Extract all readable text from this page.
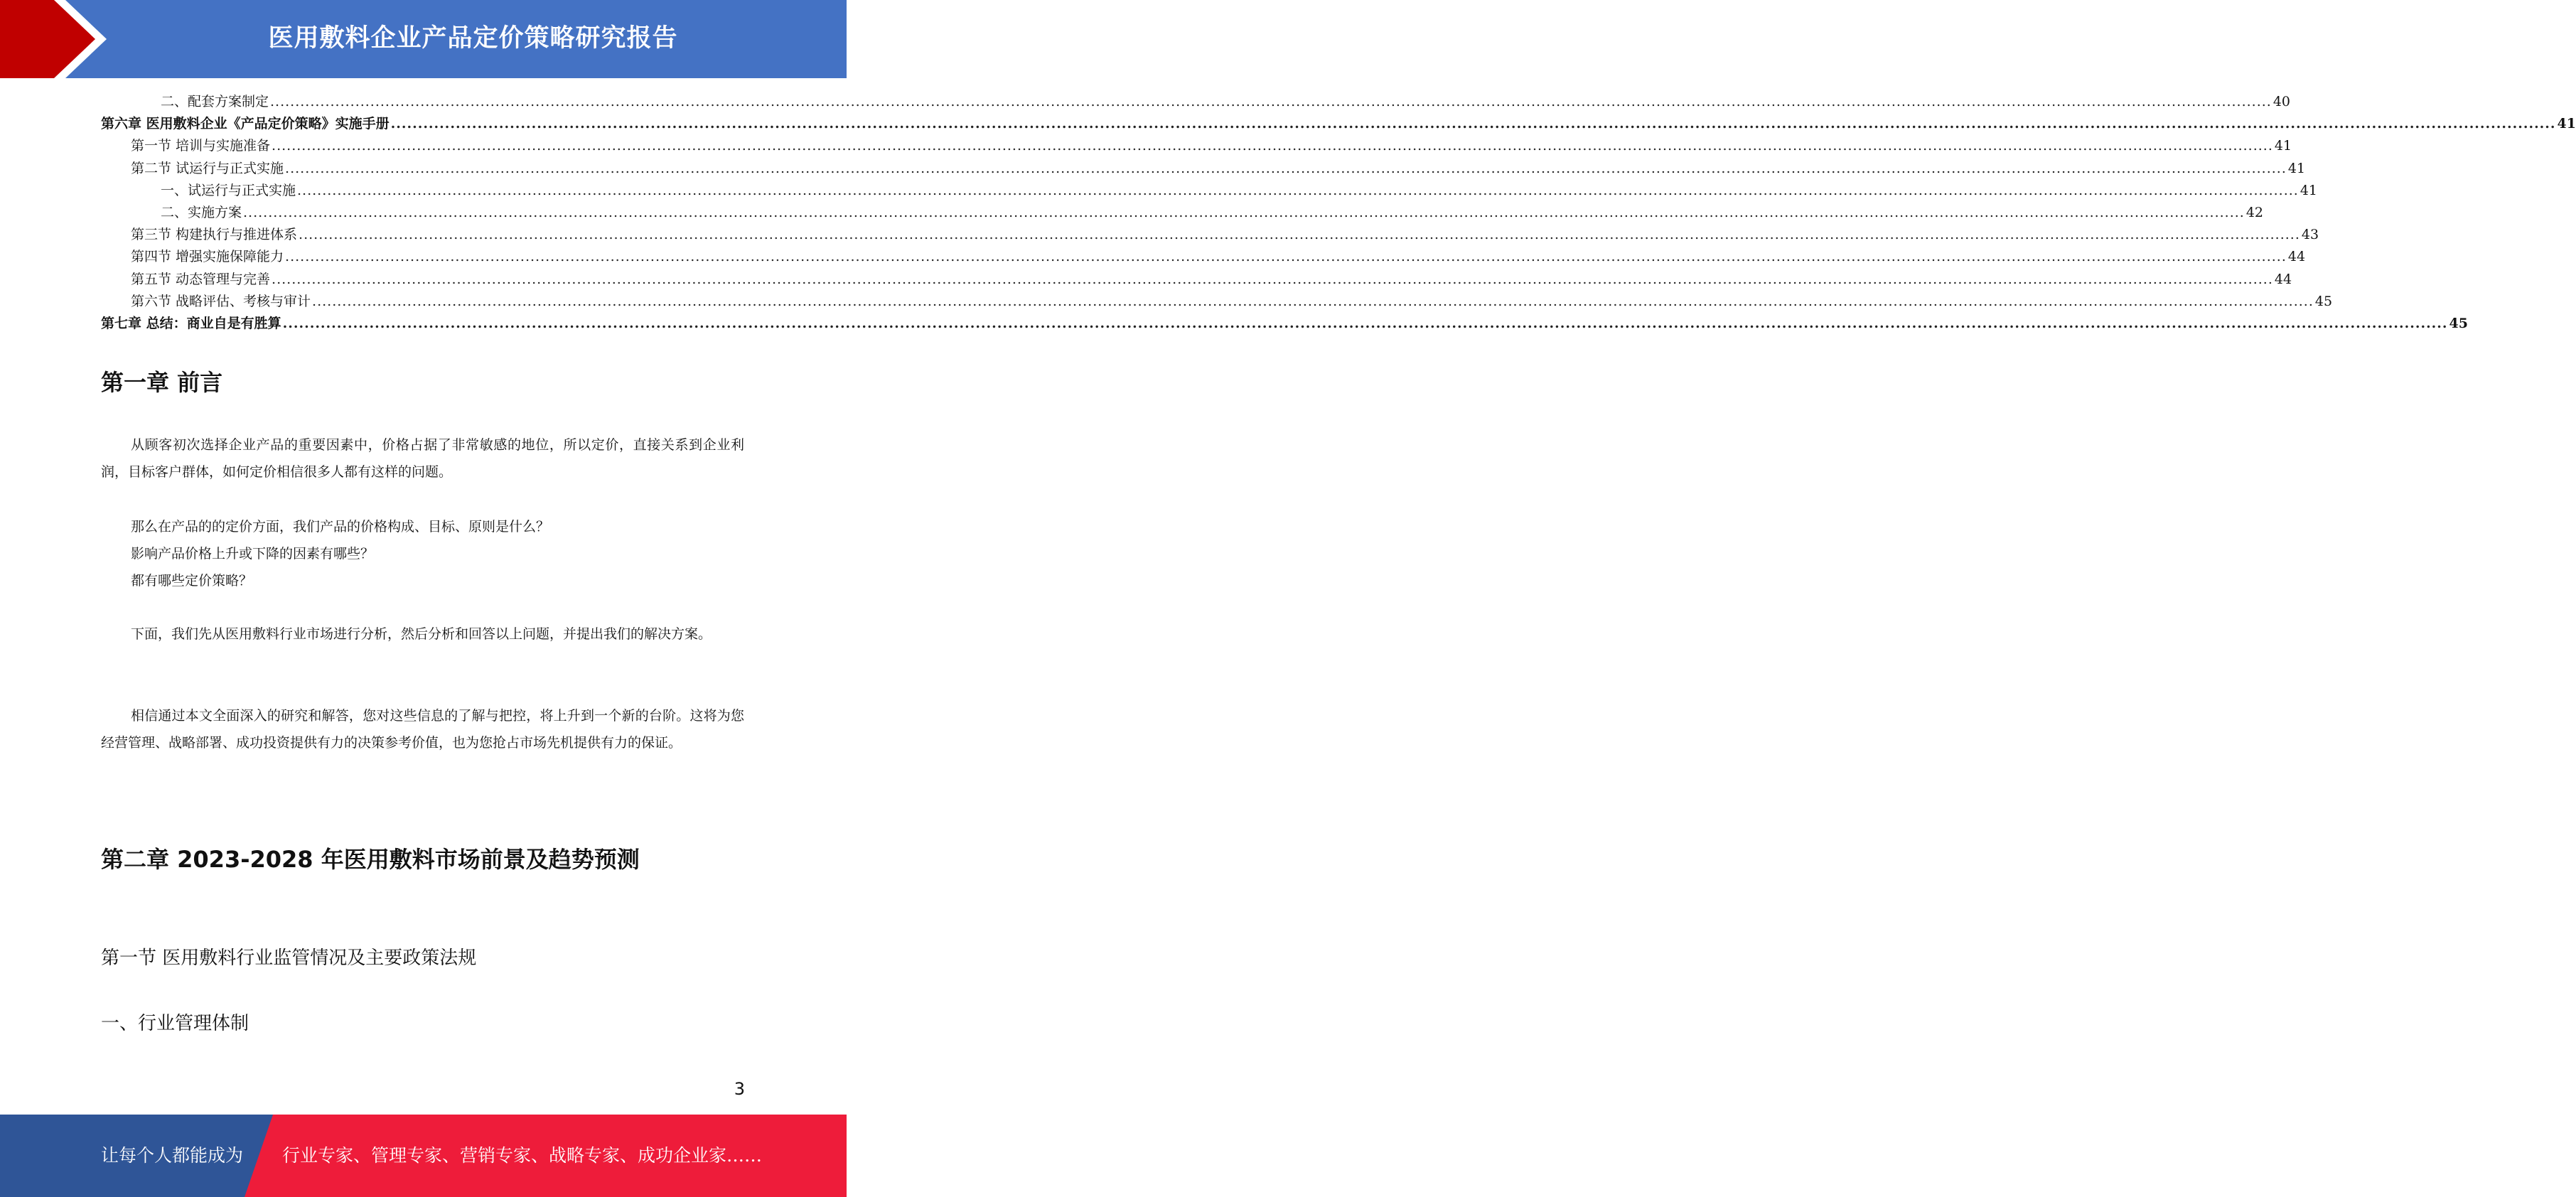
医用敷料企业产品定价策略研究报告
二、配套方案制定 ................................................................................................................................................................................................................................................................................................................................................................................................................ 40
第六章 医用敷料企业《产品定价策略》实施手册 ................................................................................................................................................................................................................................................................................................................................................................................................................ 41
第一节 培训与实施准备 ................................................................................................................................................................................................................................................................................................................................................................................................................ 41
第二节 试运行与正式实施 ................................................................................................................................................................................................................................................................................................................................................................................................................ 41
一、试运行与正式实施 ................................................................................................................................................................................................................................................................................................................................................................................................................ 41
二、实施方案 ................................................................................................................................................................................................................................................................................................................................................................................................................ 42
第三节 构建执行与推进体系 ................................................................................................................................................................................................................................................................................................................................................................................................................ 43
第四节 增强实施保障能力 ................................................................................................................................................................................................................................................................................................................................................................................................................ 44
第五节 动态管理与完善 ................................................................................................................................................................................................................................................................................................................................................................................................................ 44
第六节 战略评估、考核与审计 ................................................................................................................................................................................................................................................................................................................................................................................................................ 45
第七章 总结：商业自是有胜算 ................................................................................................................................................................................................................................................................................................................................................................................................................ 45
第一章 前言

从顾客初次选择企业产品的重要因素中，价格占据了非常敏感的地位，所以定价，直接关系到企业利润，目标客户群体，如何定价相信很多人都有这样的问题。

那么在产品的的定价方面，我们产品的价格构成、目标、原则是什么？

影响产品价格上升或下降的因素有哪些？

都有哪些定价策略？

下面，我们先从医用敷料行业市场进行分析，然后分析和回答以上问题，并提出我们的解决方案。

相信通过本文全面深入的研究和解答，您对这些信息的了解与把控，将上升到一个新的台阶。这将为您经营管理、战略部署、成功投资提供有力的决策参考价值，也为您抢占市场先机提供有力的保证。

第二章 2023-2028 年医用敷料市场前景及趋势预测
第一节 医用敷料行业监管情况及主要政策法规
一、行业管理体制
3
让每个人都能成为 行业专家、管理专家、营销专家、战略专家、成功企业家……
